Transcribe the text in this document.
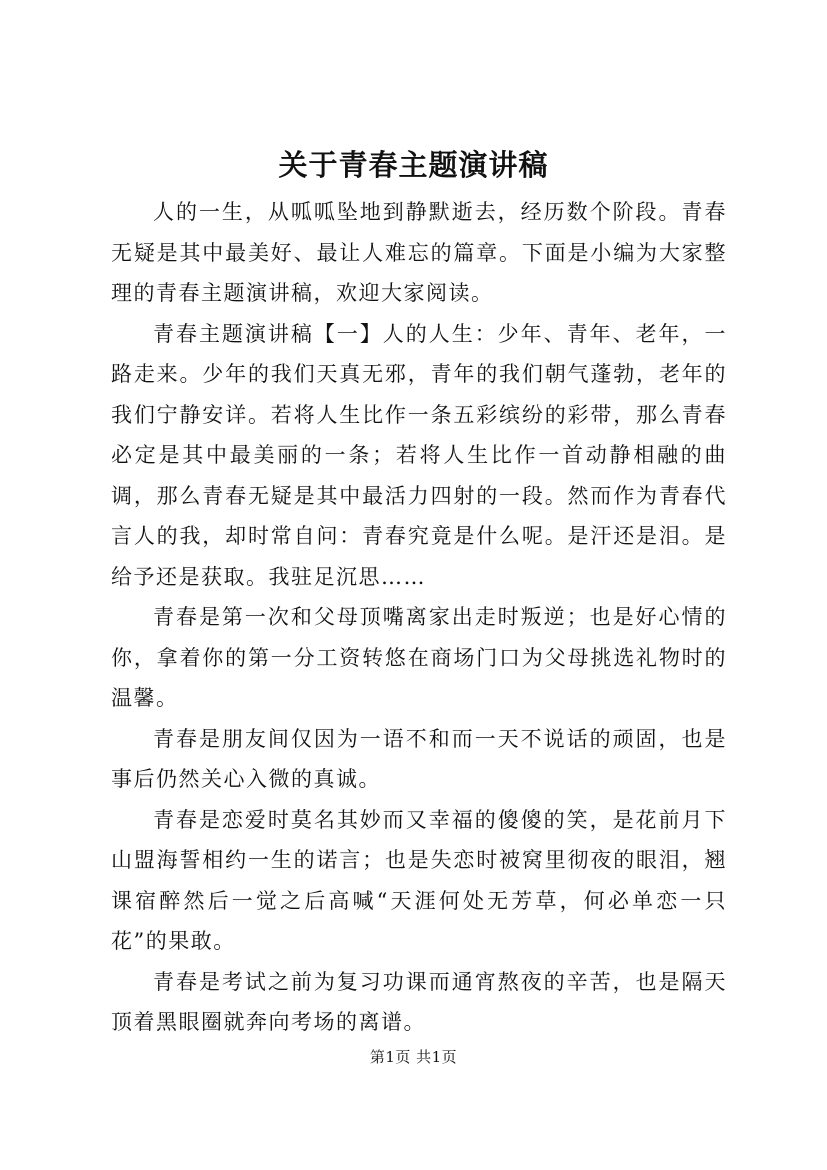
关于青春主题演讲稿

人的一生，从呱呱坠地到静默逝去，经历数个阶段。青春无疑是其中最美好、最让人难忘的篇章。下面是小编为大家整理的青春主题演讲稿，欢迎大家阅读。

青春主题演讲稿【一】人的人生：少年、青年、老年，一路走来。少年的我们天真无邪，青年的我们朝气蓬勃，老年的我们宁静安详。若将人生比作一条五彩缤纷的彩带，那么青春必定是其中最美丽的一条；若将人生比作一首动静相融的曲调，那么青春无疑是其中最活力四射的一段。然而作为青春代言人的我，却时常自问：青春究竟是什么呢。是汗还是泪。是给予还是获取。我驻足沉思……

青春是第一次和父母顶嘴离家出走时叛逆；也是好心情的你，拿着你的第一分工资转悠在商场门口为父母挑选礼物时的温馨。

青春是朋友间仅因为一语不和而一天不说话的顽固，也是事后仍然关心入微的真诚。

青春是恋爱时莫名其妙而又幸福的傻傻的笑，是花前月下山盟海誓相约一生的诺言；也是失恋时被窝里彻夜的眼泪，翘课宿醉然后一觉之后高喊“天涯何处无芳草，何必单恋一只花”的果敢。

青春是考试之前为复习功课而通宵熬夜的辛苦，也是隔天顶着黑眼圈就奔向考场的离谱。

第1页 共1页
